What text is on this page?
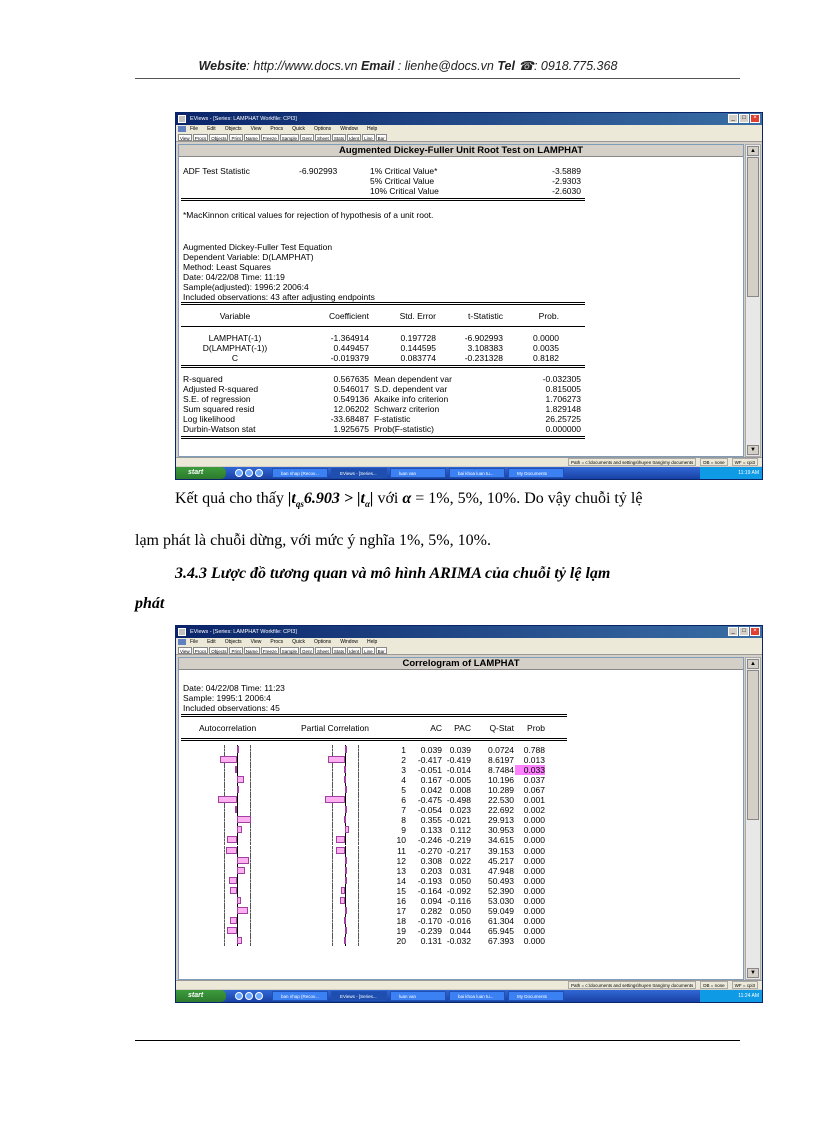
Website: http://www.docs.vn Email : lienhe@docs.vn Tel ☎: 0918.775.368
EViews - [Series: LAMPHAT Workfile: CPI3]	_	□	×
File Edit Objects View Procs Quick Options Window Help
View	Procs	Objects	Print	Name	Freeze	Sample	Genr	Sheet	Stats	Ident	Line	Bar
Augmented Dickey-Fuller Unit Root Test on LAMPHAT
ADF Test Statistic	-6.902993	1% Critical Value*	-3.5889
5% Critical Value	-2.9303
10% Critical Value	-2.6030
*MacKinnon critical values for rejection of hypothesis of a unit root.
Augmented Dickey-Fuller Test Equation
Dependent Variable: D(LAMPHAT)
Method: Least Squares
Date: 04/22/08 Time: 11:19
Sample(adjusted): 1996:2 2006:4
Included observations: 43 after adjusting endpoints
Variable	Coefficient	Std. Error	t-Statistic	Prob.
LAMPHAT(-1)	-1.364914	0.197728	-6.902993	0.0000
D(LAMPHAT(-1))	0.449457	0.144595	3.108383	0.0035
C	-0.019379	0.083774	-0.231328	0.8182
R-squared	0.567635 Mean dependent var	-0.032305
Adjusted R-squared	0.546017 S.D. dependent var	0.815005
S.E. of regression	0.549136 Akaike info criterion	1.706273
Sum squared resid	12.06202 Schwarz criterion	1.829148
Log likelihood	-33.68487 F-statistic	26.25725
Durbin-Watson stat	1.925675 Prob(F-statistic)	0.000000
▲
▼
Path = c:\documents and settings\huyen trang\my documents	DB = none	WF = cpi3
start	ban nhap (Recov...	EViews - [Series...	luan van	bai khoa luan tu...	My Documents	11:19 AM
Kết quả cho thấy $|t_{qs}6.903 > |t_\alpha|$ với α = 1%, 5%, 10%. Do vậy chuỗi tỷ lệ
lạm phát là chuỗi dừng, với mức ý nghĩa 1%, 5%, 10%.
3.4.3 Lược đồ tương quan và mô hình ARIMA của chuỗi tỷ lệ lạm
phát
EViews - [Series: LAMPHAT Workfile: CPI3]	_	□	×
File Edit Objects View Procs Quick Options Window Help
View	Procs	Objects	Print	Name	Freeze	Sample	Genr	Sheet	Stats	Ident	Line	Bar
Correlogram of LAMPHAT
Date: 04/22/08 Time: 11:23
Sample: 1995:1 2006:4
Included observations: 45
Autocorrelation	Partial Correlation	AC	PAC	Q-Stat	Prob
1	0.039 0.039	0.0724	0.788
2	-0.417 -0.419	8.6197	0.013
3	-0.051 -0.014	8.7484	0.033
4	0.167 -0.005	10.196	0.037
5	0.042 0.008	10.289	0.067
6	-0.475 -0.498	22.530	0.001
7	-0.054 0.023	22.692	0.002
8	0.355 -0.021	29.913	0.000
9	0.133 0.112	30.953	0.000
10	-0.246 -0.219	34.615	0.000
11	-0.270 -0.217	39.153	0.000
12	0.308 0.022	45.217	0.000
13	0.203 0.031	47.948	0.000
14	-0.193 0.050	50.493	0.000
15	-0.164 -0.092	52.390	0.000
16	0.094 -0.116	53.030	0.000
17	0.282 0.050	59.049	0.000
18	-0.170 -0.016	61.304	0.000
19	-0.239 0.044	65.945	0.000
20	0.131 -0.032	67.393	0.000
▲
▼
Path = c:\documents and settings\huyen trang\my documents	DB = none	WF = cpi3
start	ban nhap (Recov...	EViews - [Series...	luan van	bai khoa luan tu...	My Documents	11:24 AM
